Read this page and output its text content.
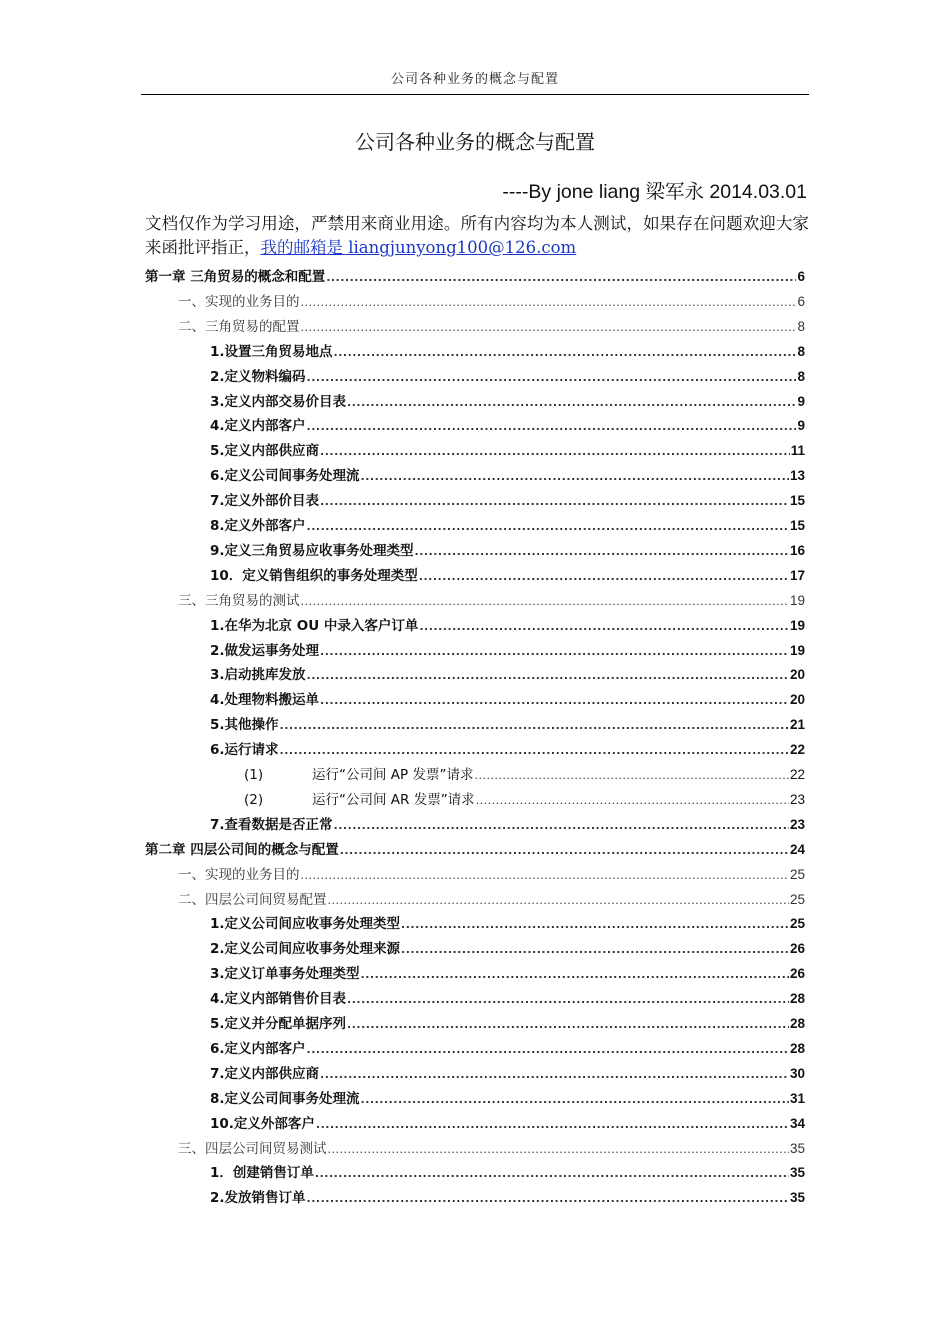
公司各种业务的概念与配置
公司各种业务的概念与配置
----By jone liang 梁军永 2014.03.01
文档仅作为学习用途，严禁用来商业用途。所有内容均为本人测试，如果存在问题欢迎大家来函批评指正，我的邮箱是 liangjunyong100@126.com
第一章 三角贸易的概念和配置 .....	6
一、实现的业务目的 .....	6
二、三角贸易的配置 .....	8
1.设置三角贸易地点 .....	8
2.定义物料编码 .....	8
3.定义内部交易价目表 .....	9
4.定义内部客户 .....	9
5.定义内部供应商 .....	11
6.定义公司间事务处理流 .....	13
7.定义外部价目表 .....	15
8.定义外部客户 .....	15
9.定义三角贸易应收事务处理类型 .....	16
10．定义销售组织的事务处理类型 .....	17
三、三角贸易的测试 .....	19
1.在华为北京 OU 中录入客户订单 .....	19
2.做发运事务处理 .....	19
3.启动挑库发放 .....	20
4.处理物料搬运单 .....	20
5.其他操作 .....	21
6.运行请求 .....	22
(1)	运行“公司间 AP 发票”请求 .....	22
(2)	运行“公司间 AR 发票”请求 .....	23
7.查看数据是否正常 .....	23
第二章 四层公司间的概念与配置 .....	24
一、实现的业务目的 .....	25
二、四层公司间贸易配置 .....	25
1.定义公司间应收事务处理类型 .....	25
2.定义公司间应收事务处理来源 .....	26
3.定义订单事务处理类型 .....	26
4.定义内部销售价目表 .....	28
5.定义并分配单据序列 .....	28
6.定义内部客户 .....	28
7.定义内部供应商 .....	30
8.定义公司间事务处理流 .....	31
10.定义外部客户 .....	34
三、四层公司间贸易测试 .....	35
1．创建销售订单 .....	35
2.发放销售订单 .....	35
